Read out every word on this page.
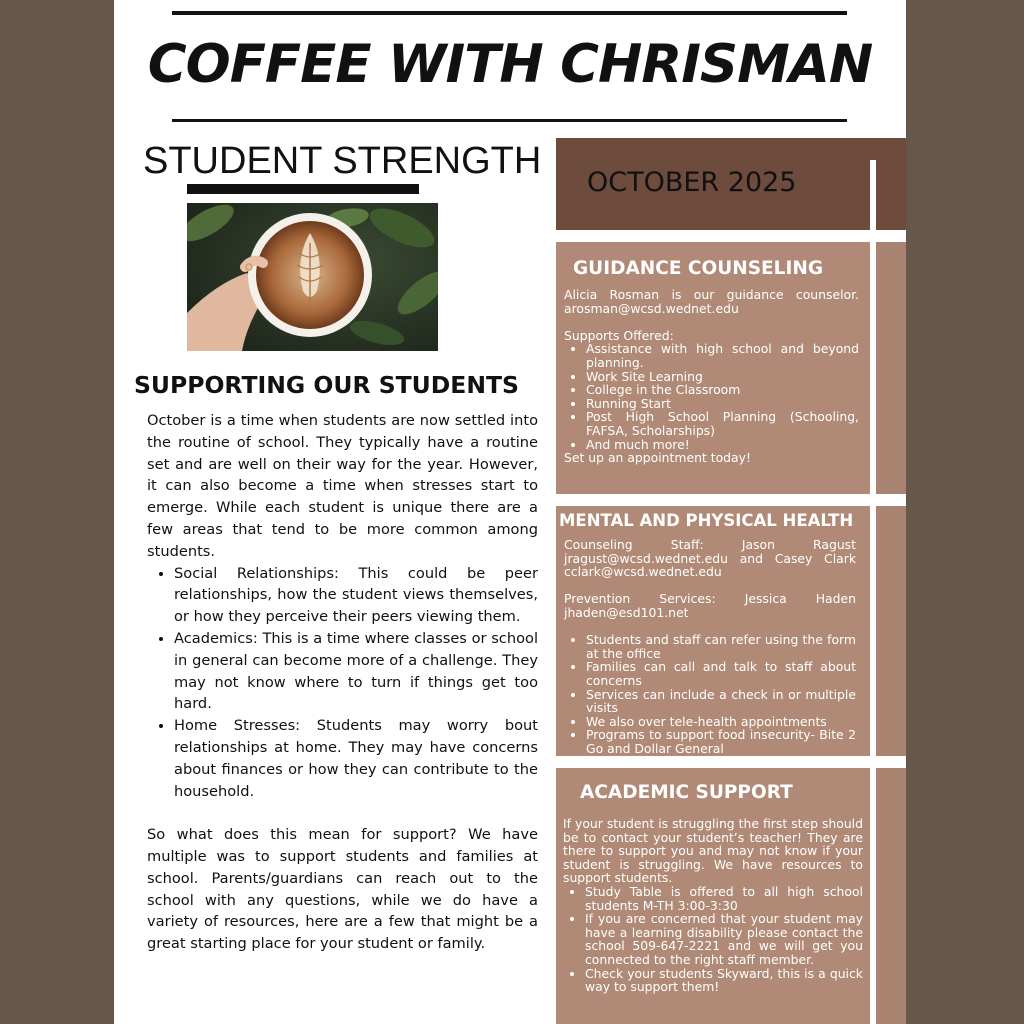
COFFEE WITH CHRISMAN
STUDENT STRENGTH
SUPPORTING OUR STUDENTS

October is a time when students are now settled into the routine of school. They typically have a routine set and are well on their way for the year. However, it can also become a time when stresses start to emerge. While each student is unique there are a few areas that tend to be more common among students.

• Social Relationships: This could be peer relationships, how the student views themselves, or how they perceive their peers viewing them.
• Academics: This is a time where classes or school in general can become more of a challenge. They may not know where to turn if things get too hard.
• Home Stresses: Students may worry bout relationships at home. They may have concerns about finances or how they can contribute to the household.

So what does this mean for support? We have multiple was to support students and families at school. Parents/guardians can reach out to the school with any questions, while we do have a variety of resources, here are a few that might be a great starting place for your student or family.

OCTOBER 2025
GUIDANCE COUNSELING

Alicia Rosman is our guidance counselor. arosman@wcsd.wednet.edu

Supports Offered:

• Assistance with high school and beyond planning.
• Work Site Learning
• College in the Classroom
• Running Start
• Post High School Planning (Schooling, FAFSA, Scholarships)
• And much more!

Set up an appointment today!

MENTAL AND PHYSICAL HEALTH

Counseling Staff: Jason Ragust jragust@wcsd.wednet.edu and Casey Clark cclark@wcsd.wednet.edu

Prevention Services: Jessica Haden jhaden@esd101.net

• Students and staff can refer using the form at the office
• Families can call and talk to staff about concerns
• Services can include a check in or multiple visits
• We also over tele-health appointments
• Programs to support food insecurity- Bite 2 Go and Dollar General
ACADEMIC SUPPORT

If your student is struggling the first step should be to contact your student’s teacher! They are there to support you and may not know if your student is struggling. We have resources to support students.

• Study Table is offered to all high school students M-TH 3:00-3:30
• If you are concerned that your student may have a learning disability please contact the school 509-647-2221 and we will get you connected to the right staff member.
• Check your students Skyward, this is a quick way to support them!
